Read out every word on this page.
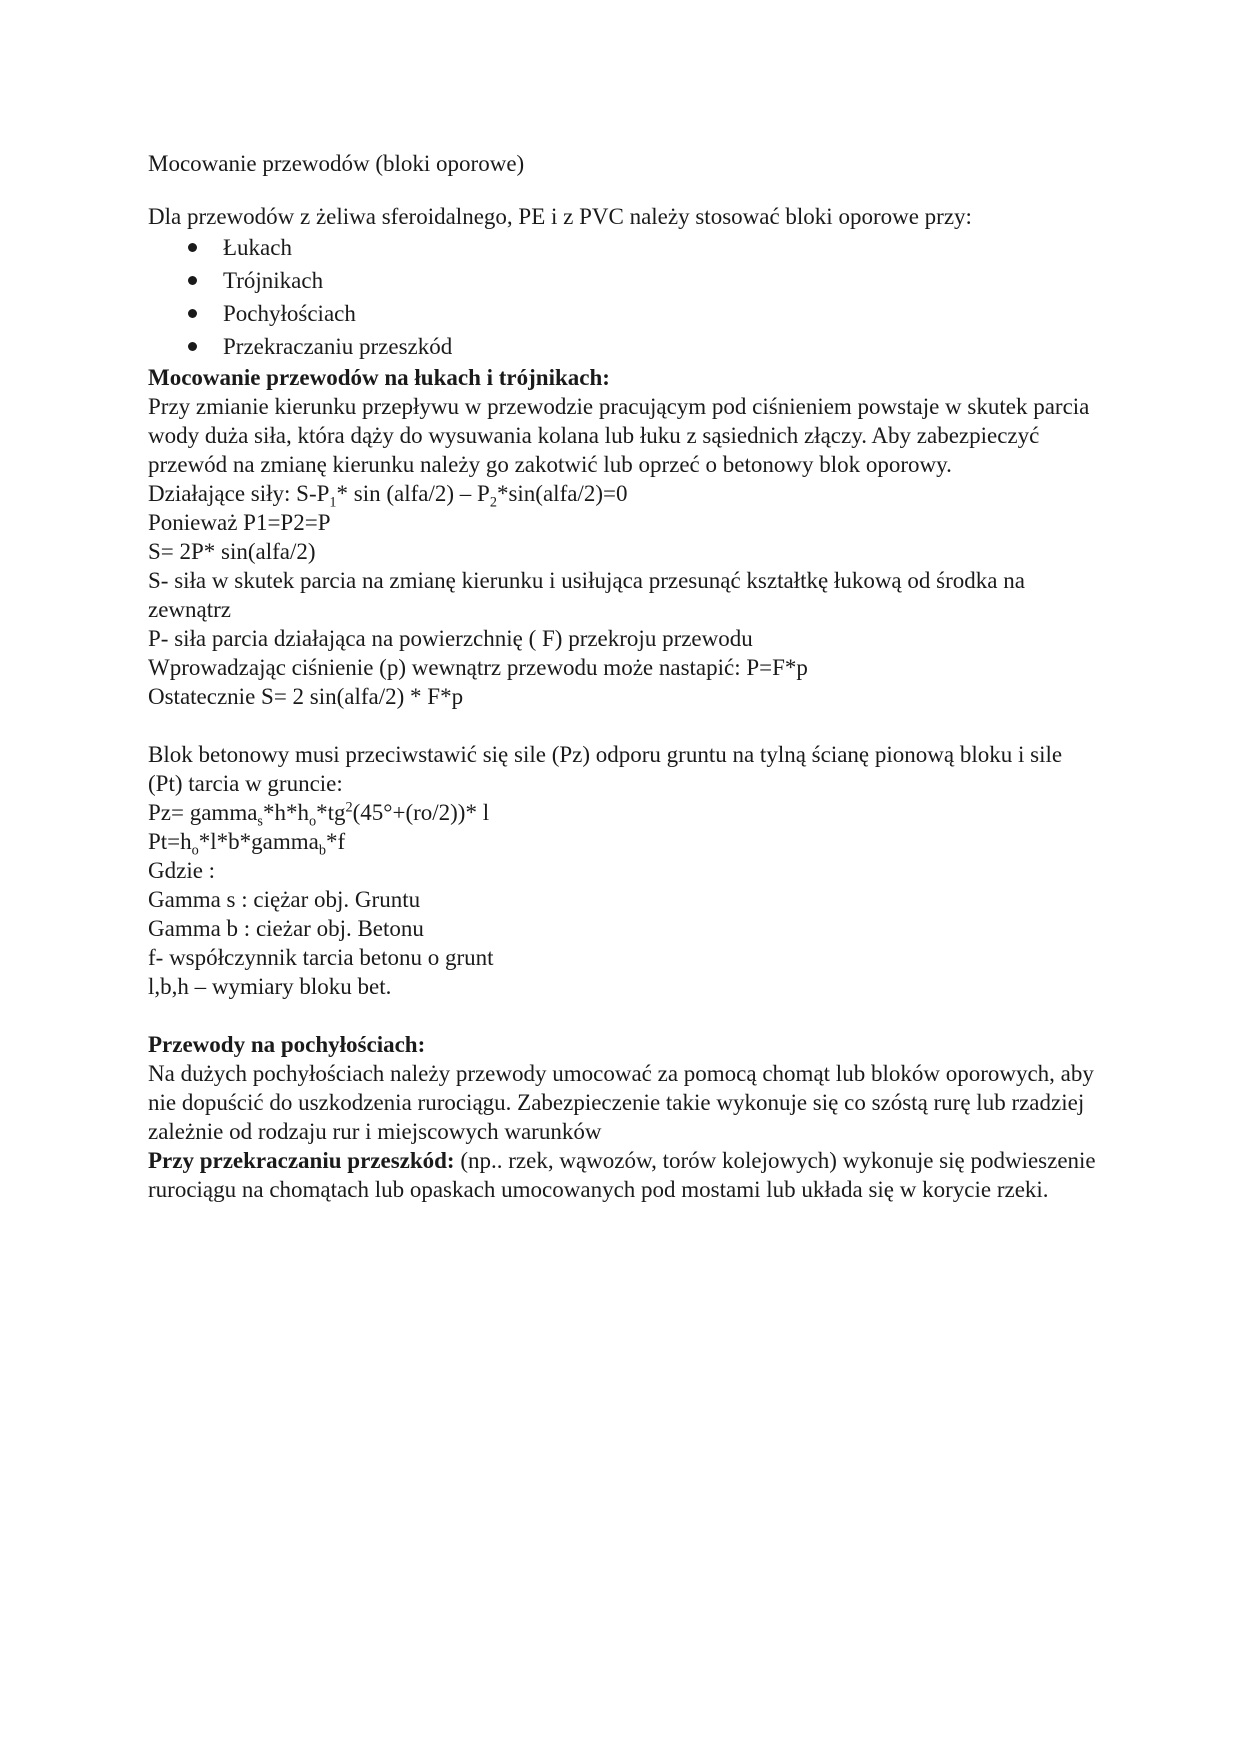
Mocowanie przewodów (bloki oporowe)
Dla przewodów z żeliwa sferoidalnego, PE i z PVC należy stosować bloki oporowe przy:
Łukach
Trójnikach
Pochyłościach
Przekraczaniu przeszkód
Mocowanie przewodów na łukach i trójnikach:
Przy zmianie kierunku przepływu w przewodzie pracującym pod ciśnieniem powstaje w skutek parcia wody duża siła, która dąży do wysuwania kolana lub łuku z sąsiednich złączy. Aby zabezpieczyć przewód na zmianę kierunku należy go zakotwić lub oprzeć o betonowy blok oporowy.
Działające siły: $S-P_1*$ sin (alfa/2) – $P_2*\sin(alfa/2)=0$
Ponieważ P1=P2=P
S= 2P* sin(alfa/2)
S- siła w skutek parcia na zmianę kierunku i usiłująca przesunąć kształtkę łukową od środka na zewnątrz
P- siła parcia działająca na powierzchnię ( F) przekroju przewodu
Wprowadzając ciśnienie (p) wewnątrz przewodu może nastapić: P=F*p
Ostatecznie S= 2 sin(alfa/2) * F*p
Blok betonowy musi przeciwstawić się sile (Pz) odporu gruntu na tylną ścianę pionową bloku i sile (Pt) tarcia w gruncie:
$Pz= gamma_s*h*h_o*tg^2(45^\circ+(ro/2))*$ l
$Pt=h_o*l*b*gamma_b*f$
Gdzie :
Gamma s : ciężar obj. Gruntu
Gamma b : cieżar obj. Betonu
f- współczynnik tarcia betonu o grunt
l,b,h – wymiary bloku bet.
Przewody na pochyłościach:
Na dużych pochyłościach należy przewody umocować za pomocą chomąt lub bloków oporowych, aby nie dopuścić do uszkodzenia rurociągu. Zabezpieczenie takie wykonuje się co szóstą rurę lub rzadziej zależnie od rodzaju rur i miejscowych warunków
Przy przekraczaniu przeszkód: (np.. rzek, wąwozów, torów kolejowych) wykonuje się podwieszenie rurociągu na chomątach lub opaskach umocowanych pod mostami lub układa się w korycie rzeki.
